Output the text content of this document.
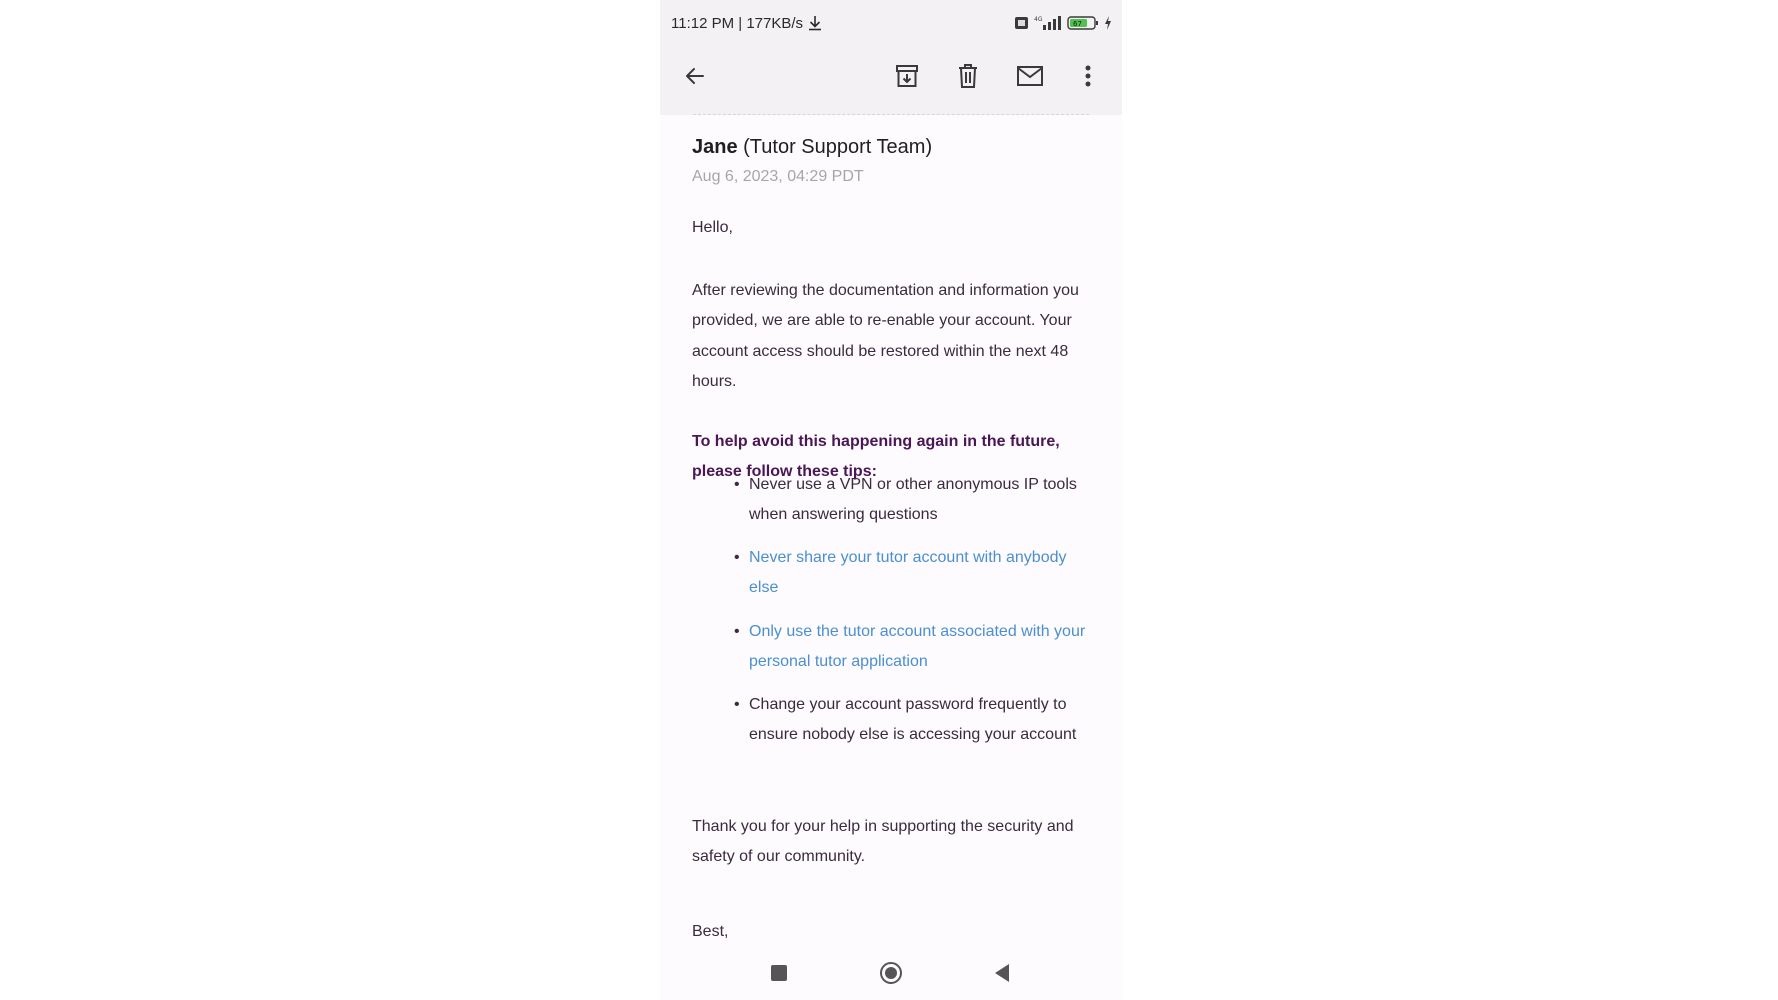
11:12 PM | 177KB/s	4G
67
Jane (Tutor Support Team)
Aug 6, 2023, 04:29 PDT
Hello,
After reviewing the documentation and information you provided, we are able to re-enable your account. Your account access should be restored within the next 48 hours.
To help avoid this happening again in the future, please follow these tips:
• Never use a VPN or other anonymous IP tools when answering questions
• Never share your tutor account with anybody else
• Only use the tutor account associated with your personal tutor application
• Change your account password frequently to ensure nobody else is accessing your account
Thank you for your help in supporting the security and safety of our community.
Best,
